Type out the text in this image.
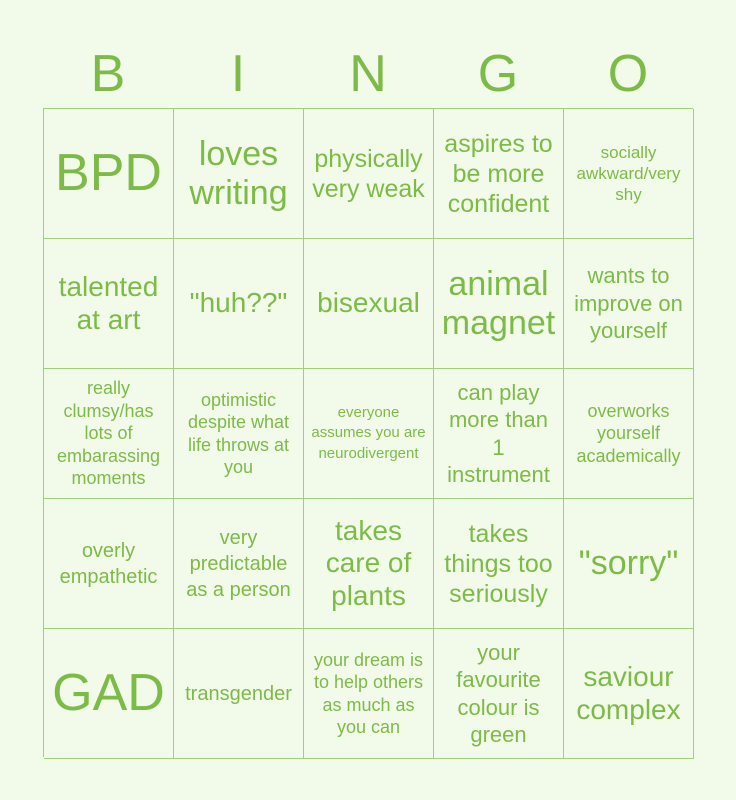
B	I	N	G	O
BPD	loves writing
physically very weak
aspires to be more confident
socially awkward/very shy
talented at art
"huh??"	bisexual animal magnet
wants to improve on yourself
really clumsy/has lots of embarassing moments
optimistic despite what life throws at you
everyone assumes you are neurodivergent
can play more than 1 instrument
overworks yourself academically
overly empathetic
very predictable as a person
takes care of plants
takes things too seriously
"sorry"
GAD transgender
your dream is to help others as much as you can
your favourite colour is green
saviour complex
